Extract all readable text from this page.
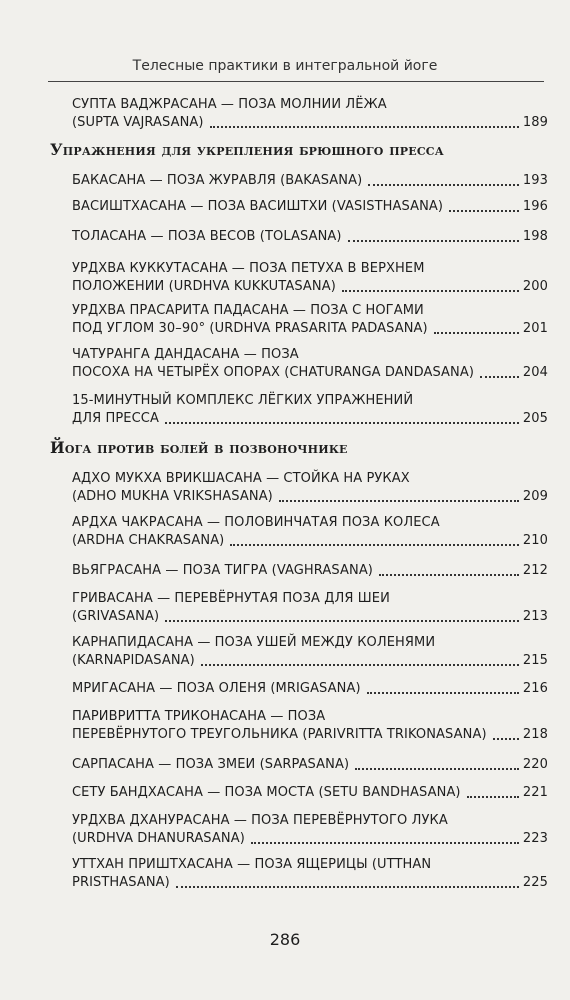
Телесные практики в интегральной йоге
СУПТА ВАДЖРАСАНА — ПОЗА МОЛНИИ ЛЁЖА
(SUPTA VAJRASANA)	189
БАКАСАНА — ПОЗА ЖУРАВЛЯ (BAKASANA)	193
ВАСИШТХАСАНА — ПОЗА ВАСИШТХИ (VASISTHASANA)	196
ТОЛАСАНА — ПОЗА ВЕСОВ (TOLASANA)	198
УРДХВА КУККУТАСАНА — ПОЗА ПЕТУХА В ВЕРХНЕМ
ПОЛОЖЕНИИ (URDHVA KUKKUTASANA)	200
УРДХВА ПРАСАРИТА ПАДАСАНА — ПОЗА С НОГАМИ
ПОД УГЛОМ 30–90° (URDHVA PRASARITA PADASANA)	201
ЧАТУРАНГА ДАНДАСАНА — ПОЗА
ПОСОХА НА ЧЕТЫРЁХ ОПОРАХ (CHATURANGA DANDASANA)	204
15-МИНУТНЫЙ КОМПЛЕКС ЛЁГКИХ УПРАЖНЕНИЙ
ДЛЯ ПРЕССА	205
АДХО МУКХА ВРИКШАСАНА — СТОЙКА НА РУКАХ
(ADHO MUKHA VRIKSHASANA)	209
АРДХА ЧАКРАСАНА — ПОЛОВИНЧАТАЯ ПОЗА КОЛЕСА
(ARDHA CHAKRASANA)	210
ВЬЯГРАСАНА — ПОЗА ТИГРА (VAGHRASANA)	212
ГРИВАСАНА — ПЕРЕВЁРНУТАЯ ПОЗА ДЛЯ ШЕИ
(GRIVASANA)	213
КАРНАПИДАСАНА — ПОЗА УШЕЙ МЕЖДУ КОЛЕНЯМИ
(KARNAPIDASANA)	215
МРИГАСАНА — ПОЗА ОЛЕНЯ (MRIGASANA)	216
ПАРИВРИТТА ТРИКОНАСАНА — ПОЗА
ПЕРЕВЁРНУТОГО ТРЕУГОЛЬНИКА (PARIVRITTA TRIKONASANA)	218
САРПАСАНА — ПОЗА ЗМЕИ (SARPASANA)	220
СЕТУ БАНДХАСАНА — ПОЗА МОСТА (SETU BANDHASANA)	221
УРДХВА ДХАНУРАСАНА — ПОЗА ПЕРЕВЁРНУТОГО ЛУКА
(URDHVA DHANURASANA)	223
УТТХАН ПРИШТХАСАНА — ПОЗА ЯЩЕРИЦЫ (UTTHAN
PRISTHASANA)	225
Упражнения для укрепления брюшного пресса
Йога против болей в позвоночнике
286
